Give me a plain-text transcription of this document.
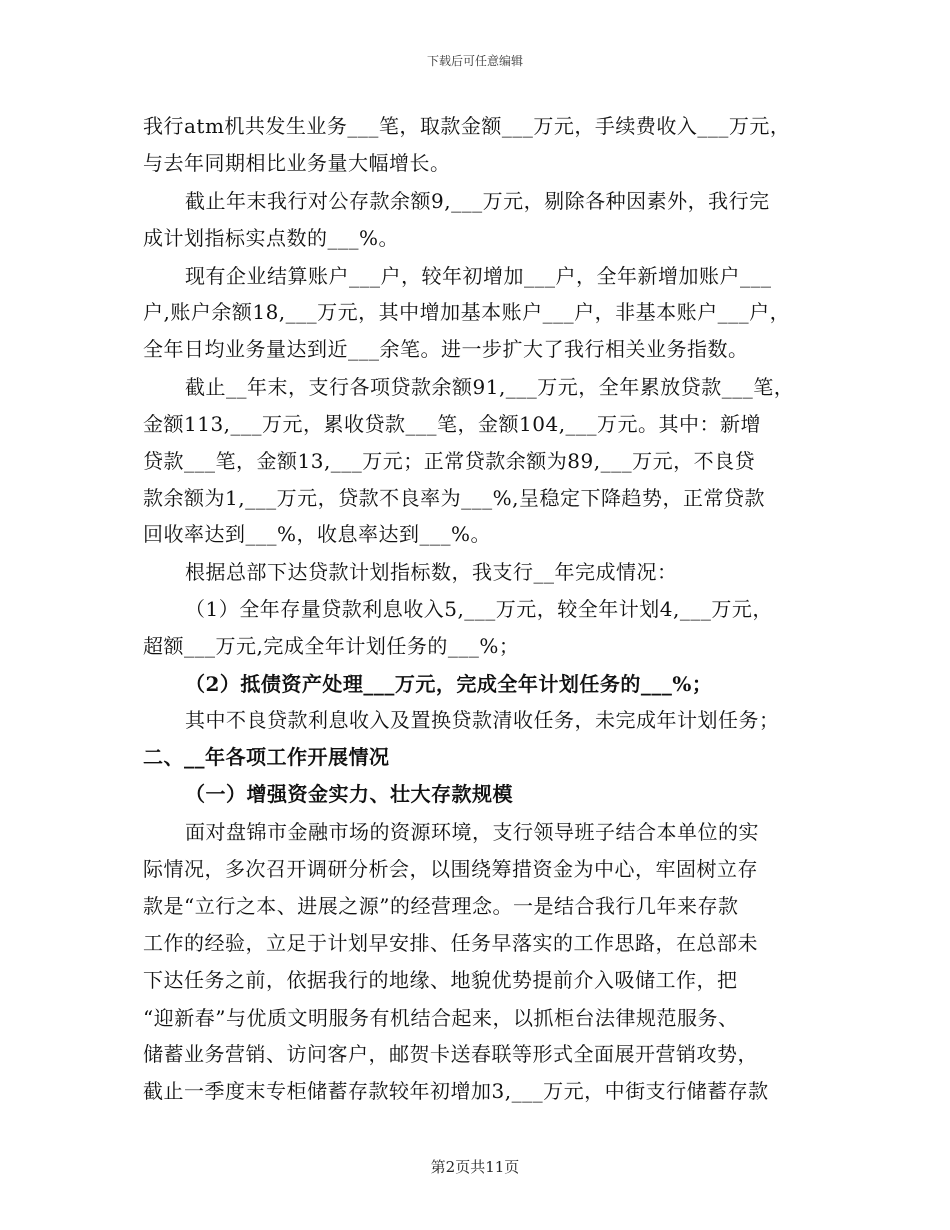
下载后可任意编辑
我行atm机共发生业务___笔，取款金额___万元，手续费收入___万元，
与去年同期相比业务量大幅增长。
截止年末我行对公存款余额9,___万元，剔除各种因素外，我行完
成计划指标实点数的___%。
现有企业结算账户___户，较年初增加___户，全年新增加账户___
户,账户余额18,___万元，其中增加基本账户___户，非基本账户___户，
全年日均业务量达到近___余笔。进一步扩大了我行相关业务指数。
截止__年末，支行各项贷款余额91,___万元，全年累放贷款___笔，
金额113,___万元，累收贷款___笔，金额104,___万元。其中：新增
贷款___笔，金额13,___万元；正常贷款余额为89,___万元，不良贷
款余额为1,___万元，贷款不良率为___%,呈稳定下降趋势，正常贷款
回收率达到___%，收息率达到___%。
根据总部下达贷款计划指标数，我支行__年完成情况：
（1）全年存量贷款利息收入5,___万元，较全年计划4,___万元，
超额___万元,完成全年计划任务的___%；
（2）抵债资产处理___万元，完成全年计划任务的___%；
其中不良贷款利息收入及置换贷款清收任务，未完成年计划任务；
二、__年各项工作开展情况
（一）增强资金实力、壮大存款规模
面对盘锦市金融市场的资源环境，支行领导班子结合本单位的实
际情况，多次召开调研分析会，以围绕筹措资金为中心，牢固树立存
款是“立行之本、进展之源”的经营理念。一是结合我行几年来存款
工作的经验，立足于计划早安排、任务早落实的工作思路，在总部未
下达任务之前，依据我行的地缘、地貌优势提前介入吸储工作，把
“迎新春”与优质文明服务有机结合起来，以抓柜台法律规范服务、
储蓄业务营销、访问客户，邮贺卡送春联等形式全面展开营销攻势，
截止一季度末专柜储蓄存款较年初增加3,___万元，中街支行储蓄存款
第2页共11页
